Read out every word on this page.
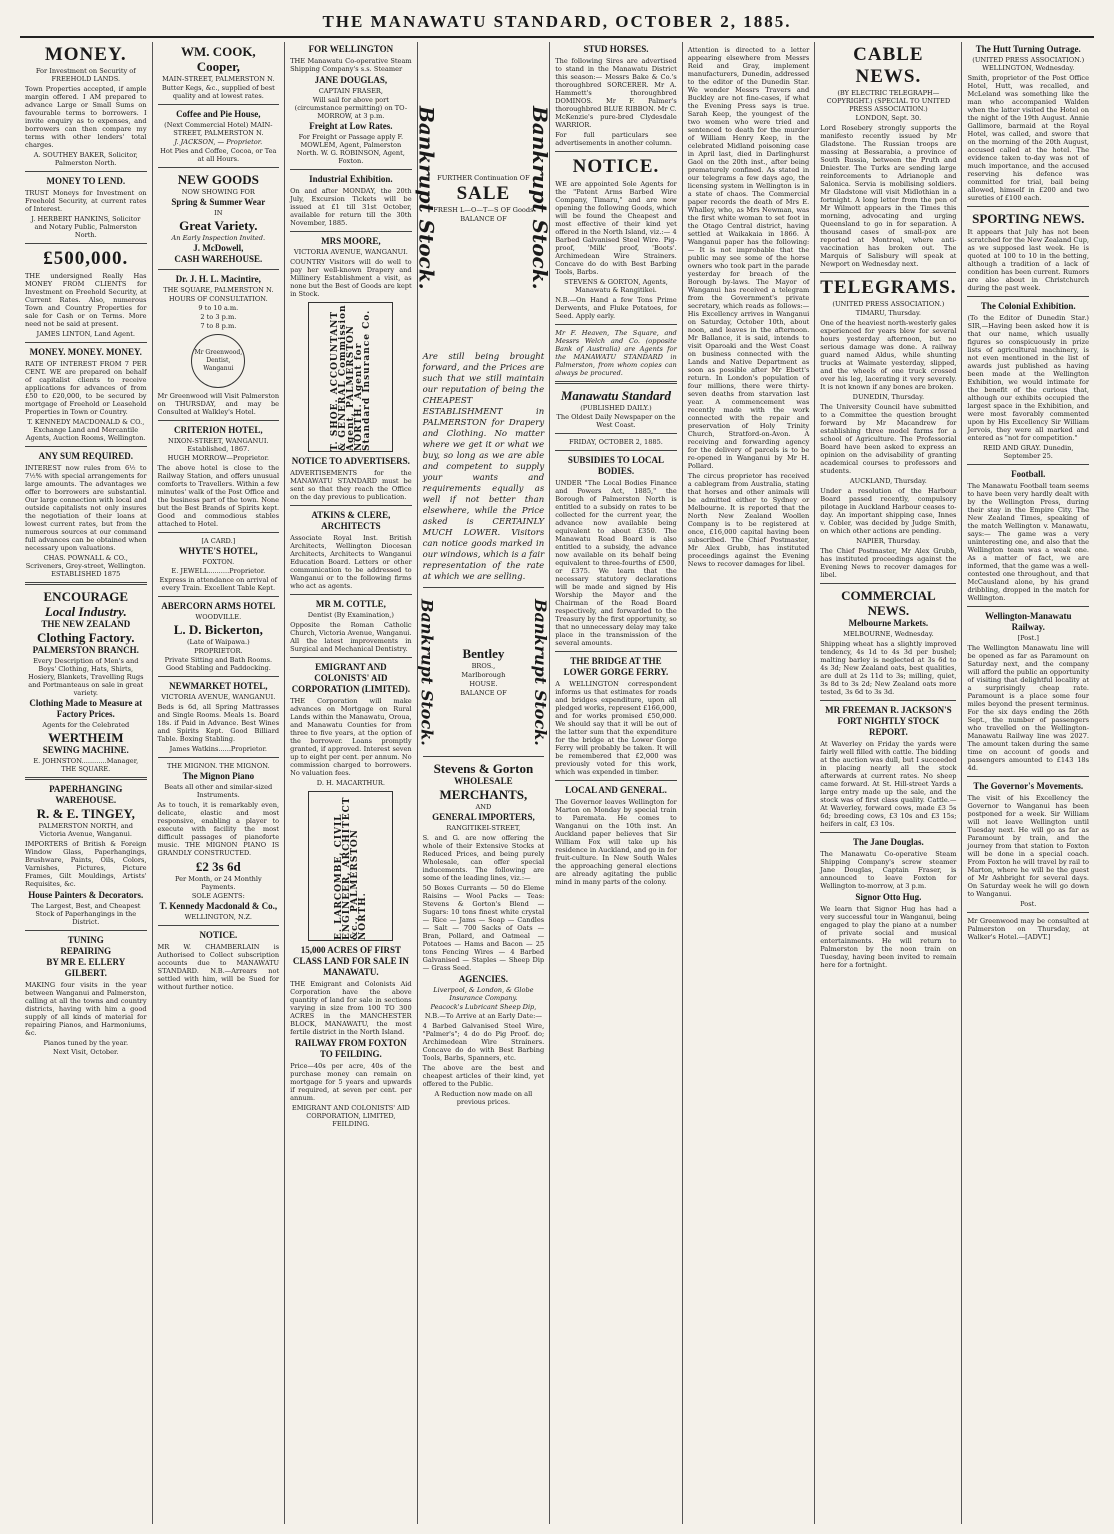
THE MANAWATU STANDARD, OCTOBER 2, 1885.
MONEY.

For Investment on Security of FREEHOLD LANDS.

Town Properties accepted, if ample margin offered. I AM prepared to advance Large or Small Sums on favourable terms to borrowers. I invite enquiry as to expenses, and borrowers can then compare my terms with other lenders' total charges.

A. SOUTHEY BAKER, Solicitor, Palmerston North.

MONEY TO LEND.

TRUST Moneys for Investment on Freehold Security, at current rates of Interest.

J. HERBERT HANKINS, Solicitor and Notary Public, Palmerston North.

£500,000.

THE undersigned Really Has MONEY FROM CLIENTS for Investment on Freehold Security, at Current Rates. Also, numerous Town and Country Properties for sale for Cash or on Terms. More need not be said at present.

JAMES LINTON, Land Agent.

MONEY. MONEY. MONEY.

RATE OF INTEREST FROM 7 PER CENT. WE are prepared on behalf of capitalist clients to receive applications for advances of from £50 to £20,000, to be secured by mortgage of Freehold or Leasehold Properties in Town or Country.

T. KENNEDY MACDONALD & CO., Exchange Land and Mercantile Agents, Auction Rooms, Wellington.

ANY SUM REQUIRED.

INTEREST now rules from 6½ to 7½% with special arrangements for large amounts. The advantages we offer to borrowers are substantial. Our large connection with local and outside capitalists not only insures the negotiation of their loans at lowest current rates, but from the numerous sources at our command full advances can be obtained when necessary upon valuations.

CHAS. POWNALL & CO., Scriveners, Grey-street, Wellington. ESTABLISHED 1875

ENCOURAGE
Local Industry.
THE NEW ZEALAND
Clothing Factory.
PALMERSTON BRANCH.

Every Description of Men's and Boys' Clothing, Hats, Shirts, Hosiery, Blankets, Travelling Rugs and Portmanteaus on sale in great variety.

Clothing Made to Measure at Factory Prices.

Agents for the Celebrated

WERTHEIM
SEWING MACHINE.

E. JOHNSTON............Manager, THE SQUARE.

PAPERHANGING
WAREHOUSE.
R. & E. TINGEY,

PALMERSTON NORTH, and Victoria Avenue, Wanganui.

IMPORTERS of British & Foreign Window Glass, Paperhangings, Brushware, Paints, Oils, Colors, Varnishes, Pictures, Picture Frames, Gilt Mouldings, Artists' Requisites, &c.

House Painters & Decorators.

The Largest, Best, and Cheapest Stock of Paperhangings in the District.

TUNING
REPAIRING
BY MR E. ELLERY GILBERT.

MAKING four visits in the year between Wanganui and Palmerston, calling at all the towns and country districts, having with him a good supply of all kinds of material for repairing Pianos, and Harmoniums, &c.

Pianos tuned by the year.

Next Visit, October.

WM. COOK,
Cooper,

MAIN-STREET, PALMERSTON N.

Butter Kegs, &c., supplied of best quality and at lowest rates.

Coffee and Pie House,

(Next Commercial Hotel) MAIN-STREET, PALMERSTON N.

J. JACKSON, — Proprietor.

Hot Pies and Coffee, Cocoa, or Tea at all Hours.

NEW GOODS

NOW SHOWING FOR

Spring & Summer Wear

IN

Great Variety.

An Early Inspection Invited.

J. McDowell,
CASH WAREHOUSE.
Dr. J. H. L. Macintire,

THE SQUARE, PALMERSTON N.

HOURS OF CONSULTATION.

9 to 10 a.m.

2 to 3 p.m.

7 to 8 p.m.

Mr Greenwood, Dentist, Wanganui

Mr Greenwood will Visit Palmerston on THURSDAY, and may be Consulted at Walkley's Hotel.

CRITERION HOTEL,

NIXON-STREET, WANGANUI. Established, 1867.

HUGH MORROW—Proprietor.

The above hotel is close to the Railway Station, and offers unusual comforts to Travellers. Within a few minutes' walk of the Post Office and the business part of the town. None but the Best Brands of Spirits kept. Good and commodious stables attached to Hotel.

[A CARD.]

WHYTE'S HOTEL,

FOXTON.

E. JEWELL..........Proprietor.

Express in attendance on arrival of every Train. Excellent Table Kept.

ABERCORN ARMS HOTEL

WOODVILLE.

L. D. Bickerton,

(Late of Waipawa.)

PROPRIETOR.

Private Sitting and Bath Rooms. Good Stabling and Paddocking.

NEWMARKET HOTEL,

VICTORIA AVENUE, WANGANUI.

Beds is 6d, all Spring Mattrasses and Single Rooms. Meals 1s. Board 18s. if Paid in Advance. Best Wines and Spirits Kept. Good Billiard Table. Boxing Stabling.

James Watkins......Proprietor.

THE MIGNON. THE MIGNON.

The Mignon Piano

Beats all other and similar-sized Instruments.

As to touch, it is remarkably even, delicate, elastic and most responsive, enabling a player to execute with facility the most difficult passages of pianoforte music. THE MIGNON PIANO IS GRANDLY CONSTRUCTED.

£2 3s 6d

Per Month, or 24 Monthly Payments.

SOLE AGENTS:

T. Kennedy Macdonald & Co.,

WELLINGTON, N.Z.

NOTICE.

MR W. CHAMBERLAIN is Authorised to Collect subscription accounts due to MANAWATU STANDARD. N.B.—Arrears not settled with him, will be Sued for without further notice.

FOR WELLINGTON

THE Manawatu Co-operative Steam Shipping Company's s.s. Steamer

JANE DOUGLAS,

CAPTAIN FRASER,

Will sail for above port (circumstance permitting) on TO-MORROW, at 3 p.m.

Freight at Low Rates.

For Freight or Passage apply F. MOWLEM, Agent, Palmerston North. W. G. ROBINSON, Agent, Foxton.

Industrial Exhibition.

On and after MONDAY, the 20th July, Excursion Tickets will be issued at £1 till 31st October, available for return till the 30th November, 1885.

MRS MOORE,

VICTORIA AVENUE, WANGANUI.

COUNTRY Visitors will do well to pay her well-known Drapery and Millinery Establishment a visit, as none but the Best of Goods are kept in Stock.

T. SHOE. ACCOUNTANT & GENERAL Commission Agent, PALMERSTON NORTH. Agent for Standard Insurance Co.
NOTICE TO ADVERTISERS.

ADVERTISEMENTS for the MANAWATU STANDARD must be sent so that they reach the Office on the day previous to publication.

ATKINS & CLERE,
ARCHITECTS

Associate Royal Inst. British Architects, Wellington Diocesan Architects, Architects to Wanganui Education Board. Letters or other communication to be addressed to Wanganui or to the following firms who act as agents.

MR M. COTTLE,

Dentist (By Examination,)

Opposite the Roman Catholic Church, Victoria Avenue, Wanganui. All the latest improvements in Surgical and Mechanical Dentistry.

EMIGRANT AND COLONISTS' AID CORPORATION (LIMITED).

THE Corporation will make advances on Mortgage on Rural Lands within the Manawatu, Oroua, and Manawatu Counties for from three to five years, at the option of the borrower. Loans promptly granted, if approved. Interest seven up to eight per cent. per annum. No commission charged to borrowers. No valuation fees.

D. H. MACARTHUR.

E. LARCOMBE, CIVIL ENGINEER, ARCHITECT &c., PALMERSTON NORTH.
15,000 ACRES OF FIRST CLASS LAND FOR SALE IN MANAWATU.

THE Emigrant and Colonists Aid Corporation have the above quantity of land for sale in sections varying in size from 100 TO 300 ACRES in the MANCHESTER BLOCK, MANAWATU, the most fertile district in the North Island.

RAILWAY FROM FOXTON TO FEILDING.

Price—40s per acre, 40s of the purchase money can remain on mortgage for 5 years and upwards if required, at seven per cent. per annum.

EMIGRANT AND COLONISTS' AID CORPORATION, LIMITED, FEILDING.

Bankrupt Stock.

FURTHER Continuation OF

SALE

FRESH L—O—T—S OF Goods

BALANCE OF	Bankrupt Stock.

Are still being brought forward, and the Prices are such that we still maintain our reputation of being the CHEAPEST ESTABLISHMENT in PALMERSTON for Drapery and Clothing. No matter where we get it or what we buy, so long as we are able and competent to supply your wants and requirements equally as well if not better than elsewhere, while the Price asked is CERTAINLY MUCH LOWER. Visitors can notice goods marked in our windows, which is a fair representation of the rate at which we are selling.

Bankrupt Stock.	Bentley

BROS.,

Marlborough

HOUSE.

BALANCE OF	Bankrupt Stock.
Stevens & Gorton
WHOLESALE
MERCHANTS,

AND

GENERAL IMPORTERS,

RANGITIKEI-STREET,

S. and G. are now offering the whole of their Extensive Stocks at Reduced Prices, and being purely Wholesale, can offer special inducements. The following are some of the leading lines, viz.:—

50 Boxes Currants — 50 do Eleme Raisins — Wool Packs — Teas: Stevens & Gorton's Blend — Sugars: 10 tons finest white crystal — Rice — Jams — Soap — Candles — Salt — 700 Sacks of Oats — Bran, Pollard, and Oatmeal — Potatoes — Hams and Bacon — 25 tons Fencing Wires — 4 Barbed Galvanised — Staples — Sheep Dip — Grass Seed.

AGENCIES.

Liverpool, & London, & Globe Insurance Company.

Peacock's Lubricant Sheep Dip,

N.B.—To Arrive at an Early Date:—

4 Barbed Galvanised Steel Wire, "Palmer's"; 4 do do Pig Proof. do; Archimedean Wire Strainers. Concave do do with Best Barbing Tools, Barbs, Spanners, etc.

The above are the best and cheapest articles of their kind, yet offered to the Public.

A Reduction now made on all previous prices.

STUD HORSES.

The following Sires are advertised to stand in the Manawatu District this season:— Messrs Bake & Co.'s thoroughbred SORCERER. Mr A. Hammett's thoroughbred DOMINOS. Mr F. Palmer's thoroughbred BLUE RIBBON. Mr C. McKenzie's pure-bred Clydesdale WARRIOR.

For full particulars see advertisements in another column.

NOTICE.

WE are appointed Sole Agents for the "Patent Arms Barbed Wire Company, Timaru," and are now opening the following Goods, which will be found the Cheapest and most effective of their kind yet offered in the North Island, viz.:— 4 Barbed Galvanised Steel Wire. Pig-proof, 'Milk' proof, 'Boots'. Archimedean Wire Strainers. Concave do do with Best Barbing Tools, Barbs.

STEVENS & GORTON, Agents, Manawatu & Rangitikei.

N.B.—On Hand a few Tons Prime Derwents, and Fluke Potatoes, for Seed. Apply early.

Mr F. Heaven, The Square, and Messrs Welch and Co. (opposite Bank of Australia) are Agents for the MANAWATU STANDARD in Palmerston, from whom copies can always be procured.

Manawatu Standard

(PUBLISHED DAILY.)

The Oldest Daily Newspaper on the West Coast.

FRIDAY, OCTOBER 2, 1885.

SUBSIDIES TO LOCAL BODIES.

UNDER "The Local Bodies Finance and Powers Act, 1885," the Borough of Palmerston North is entitled to a subsidy on rates to be collected for the current year, the advance now available being equivalent to about £350. The Manawatu Road Board is also entitled to a subsidy, the advance now available on its behalf being equivalent to three-fourths of £500, or £375. We learn that the necessary statutory declarations will be made and signed by His Worship the Mayor and the Chairman of the Road Board respectively, and forwarded to the Treasury by the first opportunity, so that no unnecessary delay may take place in the transmission of the several amounts.

THE BRIDGE AT THE LOWER GORGE FERRY.

A WELLINGTON correspondent informs us that estimates for roads and bridges expenditure, upon all pledged works, represent £166,000, and for works promised £50,000. We should say that it will be out of the latter sum that the expenditure for the bridge at the Lower Gorge Ferry will probably be taken. It will be remembered that £2,000 was previously voted for this work, which was expended in timber.

LOCAL AND GENERAL.

The Governor leaves Wellington for Marton on Monday by special train to Paremata. He comes to Wanganui on the 10th inst. An Auckland paper believes that Sir William Fox will take up his residence in Auckland, and go in for fruit-culture. In New South Wales the approaching general elections are already agitating the public mind in many parts of the colony.

Attention is directed to a letter appearing elsewhere from Messrs Reid and Gray, implement manufacturers, Dunedin, addressed to the editor of the Dunedin Star. We wonder Messrs Travers and Buckley are not fine-cases, if what the Evening Press says is true. Sarah Keep, the youngest of the two women who were tried and sentenced to death for the murder of William Henry Keep, in the celebrated Midland poisoning case in April last, died in Darlinghurst Gaol on the 20th inst., after being prematurely confined. As stated in our telegrams a few days ago, the licensing system in Wellington is in a state of chaos. The Commercial paper records the death of Mrs E. Whalley, who, as Mrs Newman, was the first white woman to set foot in the Otago Central district, having settled at Waikakaia in 1866. A Wanganui paper has the following:— It is not improbable that the public may see some of the horse owners who took part in the parade yesterday for breach of the Borough by-laws. The Mayor of Wanganui has received a telegram from the Government's private secretary, which reads as follows:— His Excellency arrives in Wanganui on Saturday, October 10th, about noon, and leaves in the afternoon. Mr Ballance, it is said, intends to visit Oparoaki and the West Coast on business connected with the Lands and Native Department as soon as possible after Mr Ebett's return. In London's population of four millions, there were thirty-seven deaths from starvation last year. A commencement was recently made with the work connected with the repair and preservation of Holy Trinity Church, Stratford-on-Avon. A receiving and forwarding agency for the delivery of parcels is to be re-opened in Wanganui by Mr H. Pollard.

The circus proprietor has received a cablegram from Australia, stating that horses and other animals will be admitted either to Sydney or Melbourne. It is reported that the North New Zealand Woollen Company is to be registered at once, £16,000 capital having been subscribed. The Chief Postmaster, Mr Alex Grubb, has instituted proceedings against the Evening News to recover damages for libel.

CABLE NEWS.

(BY ELECTRIC TELEGRAPH—COPYRIGHT.) (SPECIAL TO UNITED PRESS ASSOCIATION.)

LONDON, Sept. 30.

Lord Rosebery strongly supports the manifesto recently issued by Mr Gladstone. The Russian troops are massing at Bessarabia, a province of South Russia, between the Pruth and Dniester. The Turks are sending large reinforcements to Adrianople and Salonica. Servia is mobilising soldiers. Mr Gladstone will visit Midlothian in a fortnight. A long letter from the pen of Mr Wilmott appears in the Times this morning, advocating and urging Queensland to go in for separation. A thousand cases of small-pox are reported at Montreal, where anti-vaccination has broken out. The Marquis of Salisbury will speak at Newport on Wednesday next.

TELEGRAMS.

(UNITED PRESS ASSOCIATION.)

TIMARU, Thursday.

One of the heaviest north-westerly gales experienced for years blew for several hours yesterday afternoon, but no serious damage was done. A railway guard named Aldus, while shunting trucks at Waimate yesterday, slipped, and the wheels of one truck crossed over his leg, lacerating it very severely. It is not known if any bones are broken.

DUNEDIN, Thursday.

The University Council have submitted to a Committee the question brought forward by Mr Macandrew for establishing three model farms for a school of Agriculture. The Professorial Board have been asked to express an opinion on the advisability of granting academical courses to professors and students.

AUCKLAND, Thursday.

Under a resolution of the Harbour Board passed recently, compulsory pilotage in Auckland Harbour ceases to-day. An important shipping case, Innes v. Cobler, was decided by Judge Smith, on which other actions are pending.

NAPIER, Thursday.

The Chief Postmaster, Mr Alex Grubb, has instituted proceedings against the Evening News to recover damages for libel.

COMMERCIAL NEWS.
Melbourne Markets.

MELBOURNE, Wednesday.

Shipping wheat has a slightly improved tendency, 4s 1d to 4s 3d per bushel; malting barley is neglected at 3s 6d to 4s 3d; New Zealand oats, best qualities, are dull at 2s 11d to 3s; milling, quiet, 3s 8d to 3s 2d; New Zealand oats more tested, 3s 6d to 3s 3d.

MR FREEMAN R. JACKSON'S FORT NIGHTLY STOCK REPORT.

At Waverley on Friday the yards were fairly well filled with cattle. The bidding at the auction was dull, but I succeeded in placing nearly all the stock afterwards at current rates. No sheep came forward. At St. Hill-street Yards a large entry made up the sale, and the stock was of first class quality. Cattle.—At Waverley, forward cows, made £3 5s 6d; breeding cows, £3 10s and £3 15s; heifers in calf, £3 10s.

The Jane Douglas.

The Manawatu Co-operative Steam Shipping Company's screw steamer Jane Douglas, Captain Fraser, is announced to leave Foxton for Wellington to-morrow, at 3 p.m.

Signor Otto Hug.

We learn that Signor Hug has had a very successful tour in Wanganui, being engaged to play the piano at a number of private social and musical entertainments. He will return to Palmerston by the noon train on Tuesday, having been invited to remain here for a fortnight.

The Hutt Turning Outrage.

(UNITED PRESS ASSOCIATION.) WELLINGTON, Wednesday.

Smith, proprietor of the Post Office Hotel, Hutt, was recalled, and McLeland was something like the man who accompanied Walden when the latter visited the Hotel on the night of the 19th August. Annie Gallimore, barmaid at the Royal Hotel, was called, and swore that on the morning of the 20th August, accused called at the hotel. The evidence taken to-day was not of much importance, and the accused reserving his defence was committed for trial, bail being allowed, himself in £200 and two sureties of £100 each.

SPORTING NEWS.

It appears that July has not been scratched for the New Zealand Cup, as we supposed last week. He is quoted at 100 to 10 in the betting, although a tradition of a lack of condition has been current. Rumors are also about in Christchurch during the past week.

The Colonial Exhibition.

(To the Editor of Dunedin Star.) SIR,—Having been asked how it is that our name, which usually figures so conspicuously in prize lists of agricultural machinery, is not even mentioned in the list of awards just published as having been made at the Wellington Exhibition, we would intimate for the benefit of the curious that, although our exhibits occupied the largest space in the Exhibition, and were most favorably commented upon by His Excellency Sir William Jervois, they were all marked and entered as "not for competition."

REID AND GRAY. Dunedin, September 25.

Football.

The Manawatu Football team seems to have been very hardly dealt with by the Wellington Press, during their stay in the Empire City. The New Zealand Times, speaking of the match Wellington v. Manawatu, says:— The game was a very uninteresting one, and also that the Wellington team was a weak one. As a matter of fact, we are informed, that the game was a well-contested one throughout, and that McCausland alone, by his grand dribbling, dropped in the match for Wellington.

Wellington-Manawatu Railway.

[Post.]

The Wellington Manawatu line will be opened as far as Paramount on Saturday next, and the company will afford the public an opportunity of visiting that delightful locality at a surprisingly cheap rate. Paramount is a place some four miles beyond the present terminus. For the six days ending the 26th Sept., the number of passengers who travelled on the Wellington-Manawatu Railway line was 2027. The amount taken during the same time on account of goods and passengers amounted to £143 18s 4d.

The Governor's Movements.

The visit of his Excellency the Governor to Wanganui has been postponed for a week. Sir William will not leave Wellington until Tuesday next. He will go as far as Paramount by train, and the journey from that station to Foxton will be done in a special coach. From Foxton he will travel by rail to Marton, where he will be the guest of Mr Ashbright for several days. On Saturday week he will go down to Wanganui.

Post.

Mr Greenwood may be consulted at Palmerston on Thursday, at Walker's Hotel.—[ADVT.]
